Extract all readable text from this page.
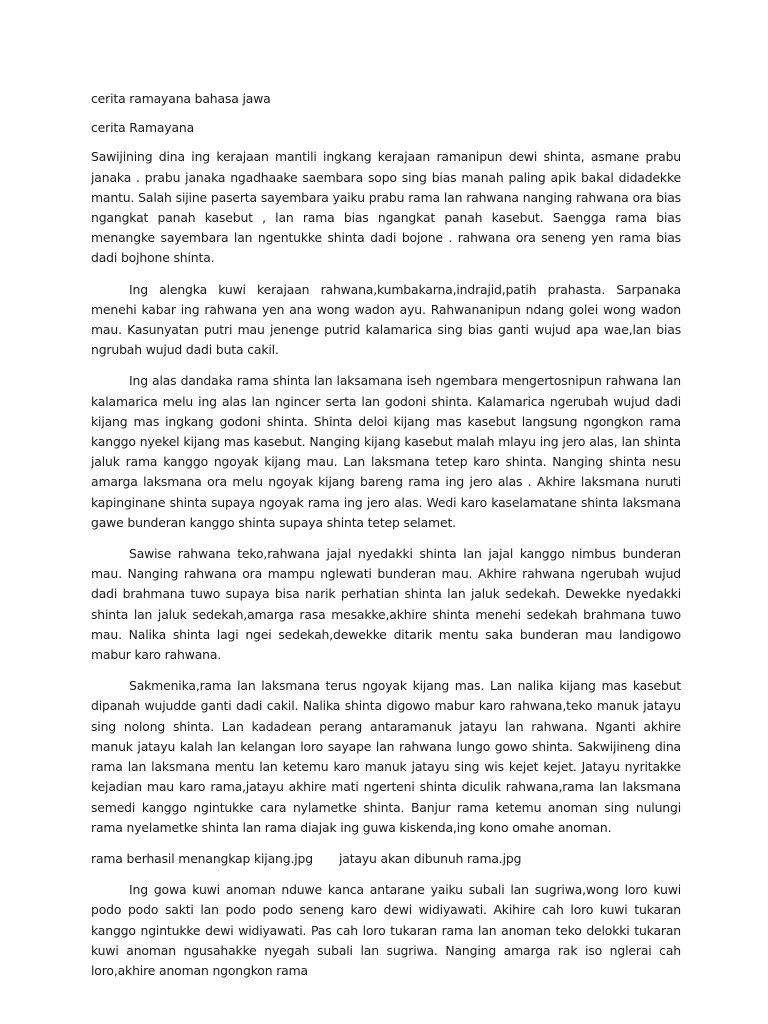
cerita ramayana bahasa jawa

cerita Ramayana

Sawijining dina ing kerajaan mantili ingkang kerajaan ramanipun dewi shinta, asmane prabu janaka . prabu janaka ngadhaake saembara sopo sing bias manah paling apik bakal didadekke mantu. Salah sijine paserta sayembara yaiku prabu rama lan rahwana nanging rahwana ora bias ngangkat panah kasebut , lan rama bias ngangkat panah kasebut. Saengga rama bias menangke sayembara lan ngentukke shinta dadi bojone . rahwana ora seneng yen rama bias dadi bojhone shinta.

Ing alengka kuwi kerajaan rahwana,kumbakarna,indrajid,patih prahasta. Sarpanaka menehi kabar ing rahwana yen ana wong wadon ayu. Rahwananipun ndang golei wong wadon mau. Kasunyatan putri mau jenenge putrid kalamarica sing bias ganti wujud apa wae,lan bias ngrubah wujud dadi buta cakil.

Ing alas dandaka rama shinta lan laksamana iseh ngembara mengertosnipun rahwana lan kalamarica melu ing alas lan ngincer serta lan godoni shinta. Kalamarica ngerubah wujud dadi kijang mas ingkang godoni shinta. Shinta deloi kijang mas kasebut langsung ngongkon rama kanggo nyekel kijang mas kasebut. Nanging kijang kasebut malah mlayu ing jero alas, lan shinta jaluk rama kanggo ngoyak kijang mau. Lan laksmana tetep karo shinta. Nanging shinta nesu amarga laksmana ora melu ngoyak kijang bareng rama ing jero alas . Akhire laksmana nuruti kapinginane shinta supaya ngoyak rama ing jero alas. Wedi karo kaselamatane shinta laksmana gawe bunderan kanggo shinta supaya shinta tetep selamet.

Sawise rahwana teko,rahwana jajal nyedakki shinta lan jajal kanggo nimbus bunderan mau. Nanging rahwana ora mampu nglewati bunderan mau. Akhire rahwana ngerubah wujud dadi brahmana tuwo supaya bisa narik perhatian shinta lan jaluk sedekah. Dewekke nyedakki shinta lan jaluk sedekah,amarga rasa mesakke,akhire shinta menehi sedekah brahmana tuwo mau. Nalika shinta lagi ngei sedekah,dewekke ditarik mentu saka bunderan mau landigowo mabur karo rahwana.

Sakmenika,rama lan laksmana terus ngoyak kijang mas. Lan nalika kijang mas kasebut dipanah wujudde ganti dadi cakil. Nalika shinta digowo mabur karo rahwana,teko manuk jatayu sing nolong shinta. Lan kadadean perang antaramanuk jatayu lan rahwana. Nganti akhire manuk jatayu kalah lan kelangan loro sayape lan rahwana lungo gowo shinta. Sakwijineng dina rama lan laksmana mentu lan ketemu karo manuk jatayu sing wis kejet kejet. Jatayu nyritakke kejadian mau karo rama,jatayu akhire mati ngerteni shinta diculik rahwana,rama lan laksmana semedi kanggo ngintukke cara nylametke shinta. Banjur rama ketemu anoman sing nulungi rama nyelametke shinta lan rama diajak ing guwa kiskenda,ing kono omahe anoman.

rama berhasil menangkap kijang.jpg jatayu akan dibunuh rama.jpg

Ing gowa kuwi anoman nduwe kanca antarane yaiku subali lan sugriwa,wong loro kuwi podo podo sakti lan podo podo seneng karo dewi widiyawati. Akihire cah loro kuwi tukaran kanggo ngintukke dewi widiyawati. Pas cah loro tukaran rama lan anoman teko delokki tukaran kuwi anoman ngusahakke nyegah subali lan sugriwa. Nanging amarga rak iso nglerai cah loro,akhire anoman ngongkon rama
